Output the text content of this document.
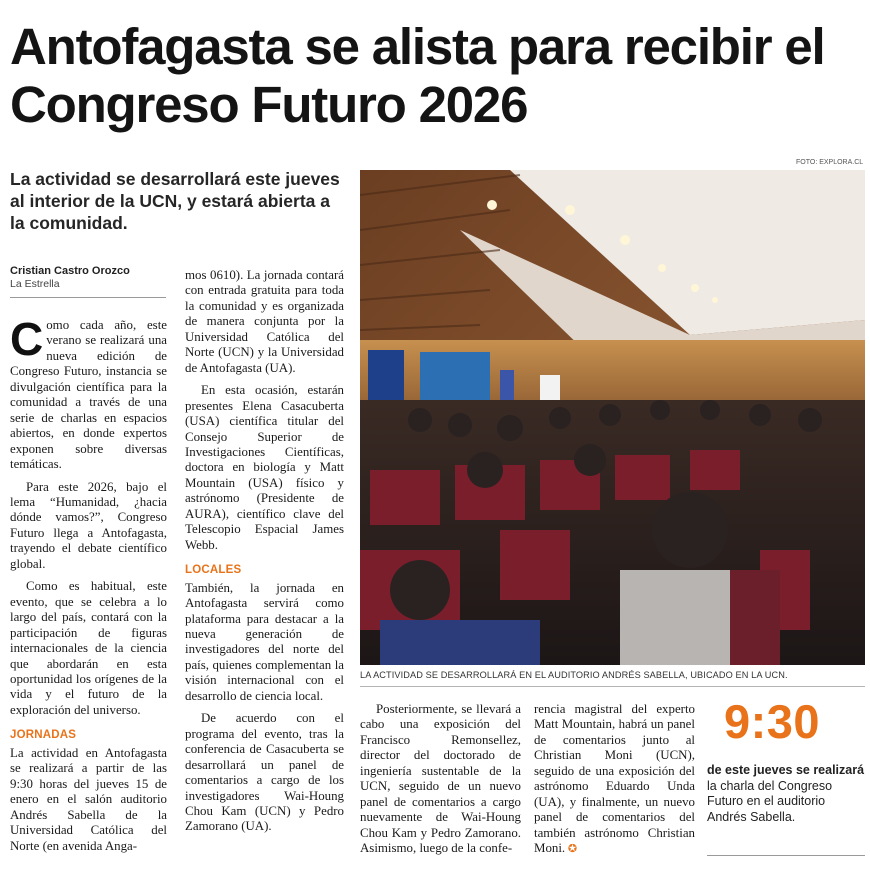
Antofagasta se alista para recibir el Congreso Futuro 2026
La actividad se desarrollará este jueves al interior de la UCN, y estará abierta a la comunidad.
Cristian Castro Orozco
La Estrella

Como cada año, este verano se realizará una nueva edición de Congreso Futuro, instancia se divulgación científica para la comunidad a través de una serie de charlas en espacios abiertos, en donde expertos exponen sobre diversas temáticas.

Para este 2026, bajo el lema “Humanidad, ¿hacia dónde vamos?”, Congreso Futuro llega a Antofagasta, trayendo el debate científico global.

Como es habitual, este evento, que se celebra a lo largo del país, contará con la participación de figuras internacionales de la ciencia que abordarán en esta oportunidad los orígenes de la vida y el futuro de la exploración del universo.

JORNADAS

La actividad en Antofagasta se realizará a partir de las 9:30 horas del jueves 15 de enero en el salón auditorio Andrés Sabella de la Universidad Católica del Norte (en avenida Anga-

mos 0610). La jornada contará con entrada gratuita para toda la comunidad y es organizada de manera conjunta por la Universidad Católica del Norte (UCN) y la Universidad de Antofagasta (UA).

En esta ocasión, estarán presentes Elena Casacuberta (USA) científica titular del Consejo Superior de Investigaciones Científicas, doctora en biología y Matt Mountain (USA) físico y astrónomo (Presidente de AURA), científico clave del Telescopio Espacial James Webb.

LOCALES

También, la jornada en Antofagasta servirá como plataforma para destacar a la nueva generación de investigadores del norte del país, quienes complementan la visión internacional con el desarrollo de ciencia local.

De acuerdo con el programa del evento, tras la conferencia de Casacuberta se desarrollará un panel de comentarios a cargo de los investigadores Wai-Houng Chou Kam (UCN) y Pedro Zamorano (UA).

Posteriormente, se llevará a cabo una exposición del Francisco Remonsellez, director del doctorado de ingeniería sustentable de la UCN, seguido de un nuevo panel de comentarios a cargo nuevamente de Wai-Houng Chou Kam y Pedro Zamorano. Asimismo, luego de la confe-

rencia magistral del experto Matt Mountain, habrá un panel de comentarios junto al Christian Moni (UCN), seguido de una exposición del astrónomo Eduardo Unda (UA), y finalmente, un nuevo panel de comentarios del también astrónomo Christian Moni. ✪

FOTO: EXPLORA.CL
LA ACTIVIDAD SE DESARROLLARÁ EN EL AUDITORIO ANDRÉS SABELLA, UBICADO EN LA UCN.
9:30
de este jueves se realizará la charla del Congreso Futuro en el auditorio Andrés Sabella.
